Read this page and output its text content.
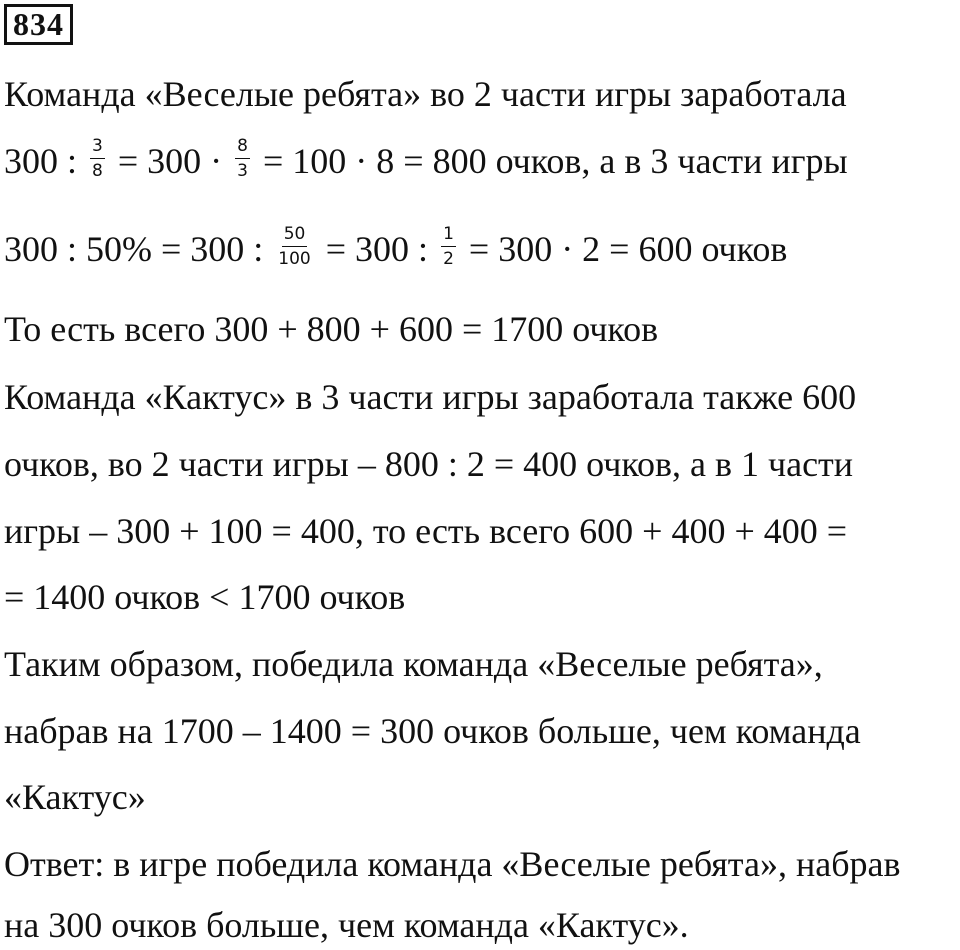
834
Команда «Веселые ребята» во 2 части игры заработала
300 : $\frac{3}{8} = 300 \cdot \frac{8}{3} = 100 \cdot 8 = 800$ очков, а в 3 части игры
300 : 50% = 300 : $\frac{50}{100} = 300$ : $\frac{1}{2} = 300 \cdot 2 = 600$ очков
То есть всего 300 + 800 + 600 = 1700 очков
Команда «Кактус» в 3 части игры заработала также 600
очков, во 2 части игры – 800 : 2 = 400 очков, а в 1 части
игры – 300 + 100 = 400, то есть всего 600 + 400 + 400 =
= 1400 очков < 1700 очков
Таким образом, победила команда «Веселые ребята»,
набрав на 1700 – 1400 = 300 очков больше, чем команда
«Кактус»
Ответ: в игре победила команда «Веселые ребята», набрав
на 300 очков больше, чем команда «Кактус».
